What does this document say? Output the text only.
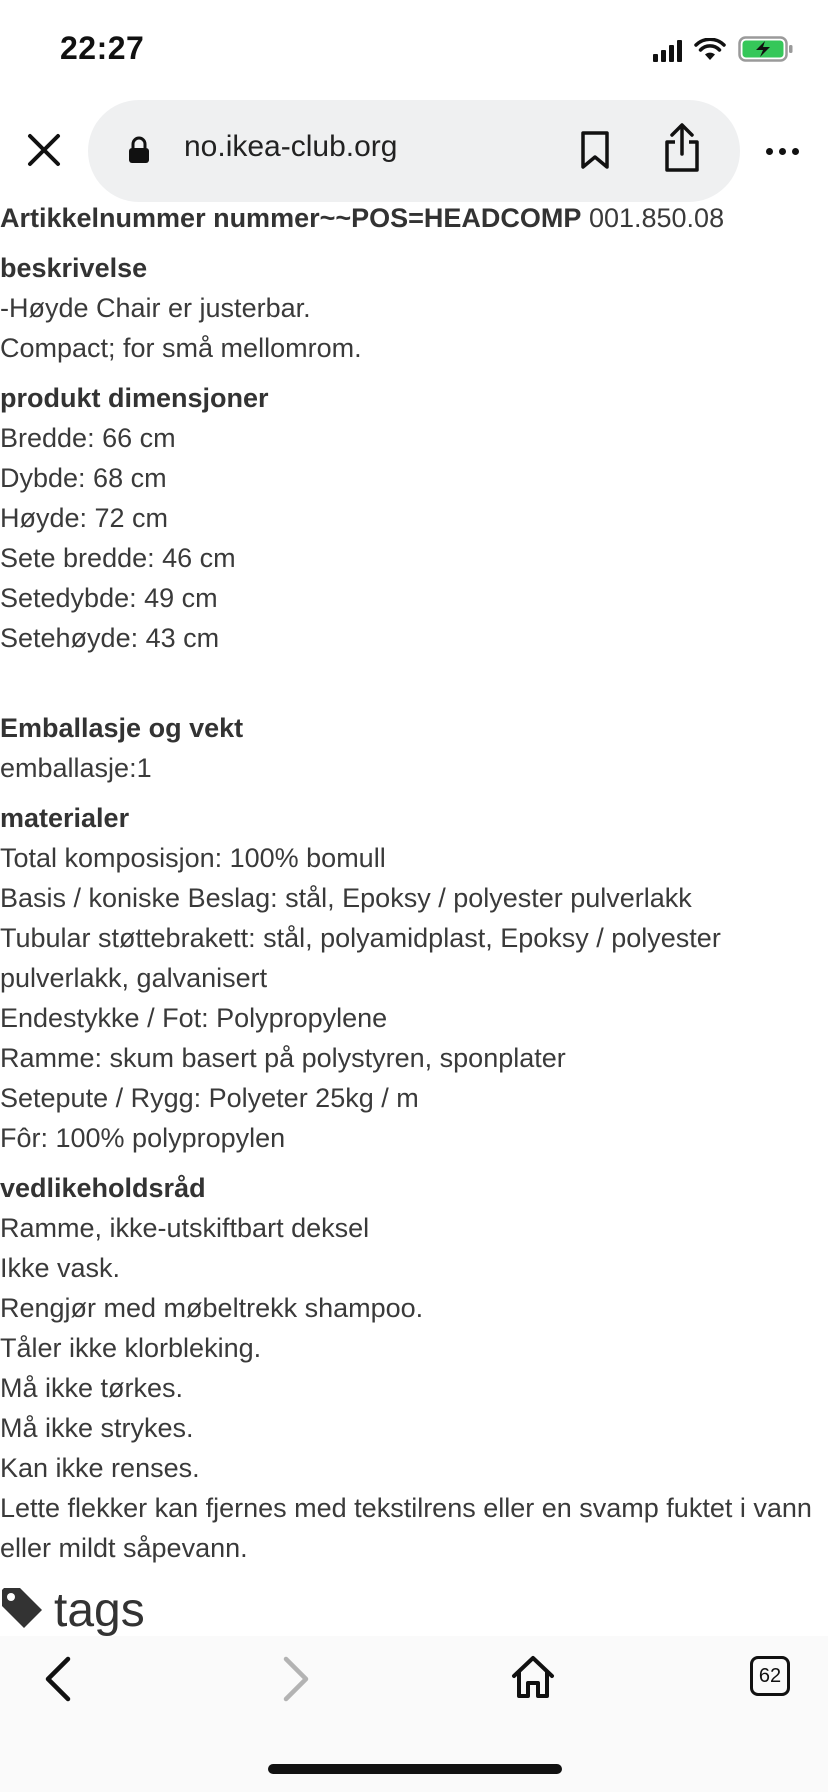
22:27
no.ikea-club.org
Artikkelnummer nummer~~POS=HEADCOMP 001.850.08
beskrivelse
-Høyde Chair er justerbar.
Compact; for små mellomrom.
produkt dimensjoner
Bredde: 66 cm
Dybde: 68 cm
Høyde: 72 cm
Sete bredde: 46 cm
Setedybde: 49 cm
Setehøyde: 43 cm
Emballasje og vekt
emballasje:1
materialer
Total komposisjon: 100% bomull
Basis / koniske Beslag: stål, Epoksy / polyester pulverlakk
Tubular støttebrakett: stål, polyamidplast, Epoksy / polyester pulverlakk, galvanisert
Endestykke / Fot: Polypropylene
Ramme: skum basert på polystyren, sponplater
Setepute / Rygg: Polyeter 25kg / m
Fôr: 100% polypropylen
vedlikeholdsråd
Ramme, ikke-utskiftbart deksel
Ikke vask.
Rengjør med møbeltrekk shampoo.
Tåler ikke klorbleking.
Må ikke tørkes.
Må ikke strykes.
Kan ikke renses.
Lette flekker kan fjernes med tekstilrens eller en svamp fuktet i vann eller mildt såpevann.
tags
62
